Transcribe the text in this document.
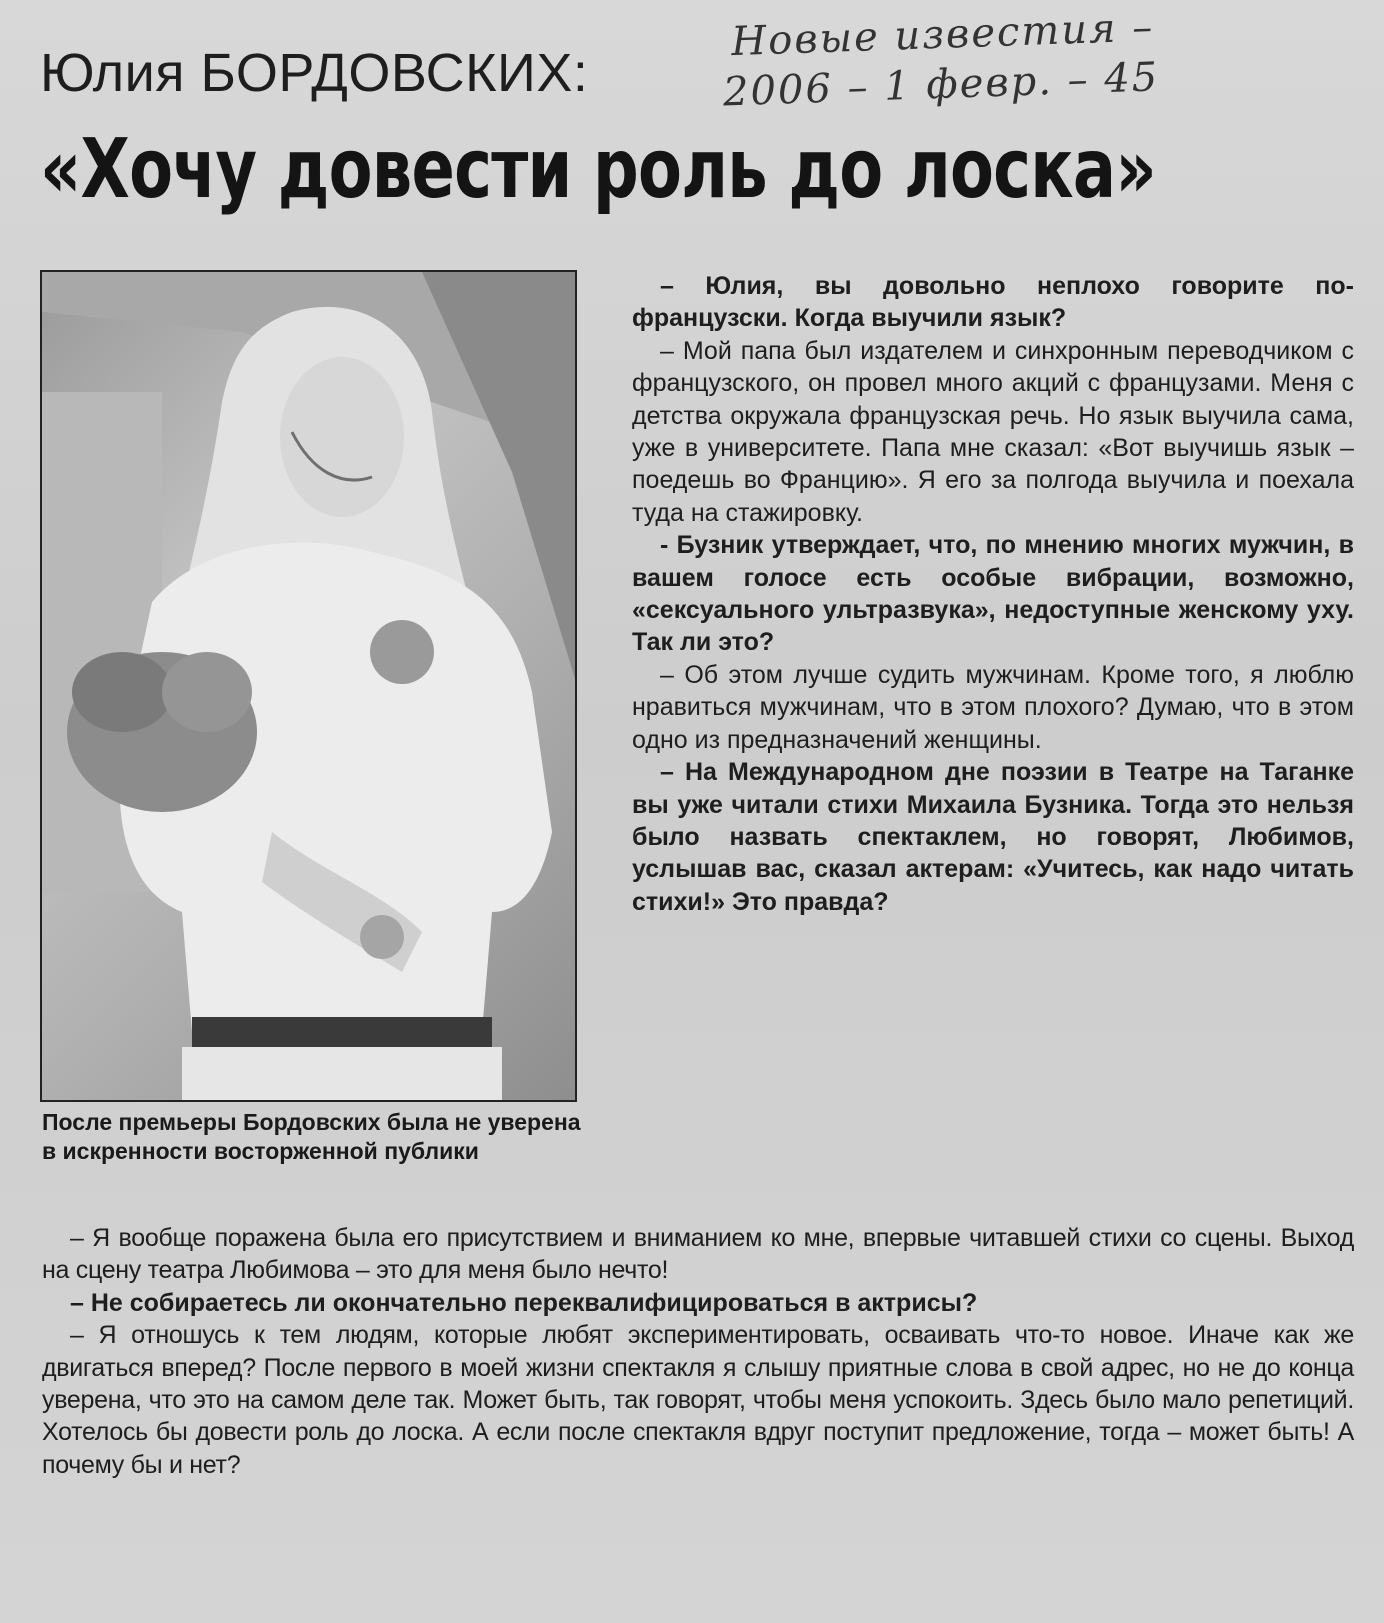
Новые известия –
2006 – 1 февр. – 45
Юлия БОРДОВСКИХ:
«Хочу довести роль до лоска»
После премьеры Бордовских была не уверена в искренности восторженной публики

– Юлия, вы довольно неплохо говорите по-французски. Когда выучили язык?

– Мой папа был издателем и синхронным переводчиком с французского, он провел много акций с французами. Меня с детства окружала французская речь. Но язык выучила сама, уже в университете. Папа мне сказал: «Вот выучишь язык – поедешь во Францию». Я его за полгода выучила и поехала туда на стажировку.

- Бузник утверждает, что, по мнению многих мужчин, в вашем голосе есть особые вибрации, возможно, «сексуального ультразвука», недоступные женскому уху. Так ли это?

– Об этом лучше судить мужчинам. Кроме того, я люблю нравиться мужчинам, что в этом плохого? Думаю, что в этом одно из предназначений женщины.

– На Международном дне поэзии в Театре на Таганке вы уже читали стихи Михаила Бузника. Тогда это нельзя было назвать спектаклем, но говорят, Любимов, услышав вас, сказал актерам: «Учитесь, как надо читать стихи!» Это правда?

– Я вообще поражена была его присутствием и вниманием ко мне, впервые читавшей стихи со сцены. Выход на сцену театра Любимова – это для меня было нечто!

– Не собираетесь ли окончательно переквалифицироваться в актрисы?

– Я отношусь к тем людям, которые любят экспериментировать, осваивать что-то новое. Иначе как же двигаться вперед? После первого в моей жизни спектакля я слышу приятные слова в свой адрес, но не до конца уверена, что это на самом деле так. Может быть, так говорят, чтобы меня успокоить. Здесь было мало репетиций. Хотелось бы довести роль до лоска. А если после спектакля вдруг поступит предложение, тогда – может быть! А почему бы и нет?
